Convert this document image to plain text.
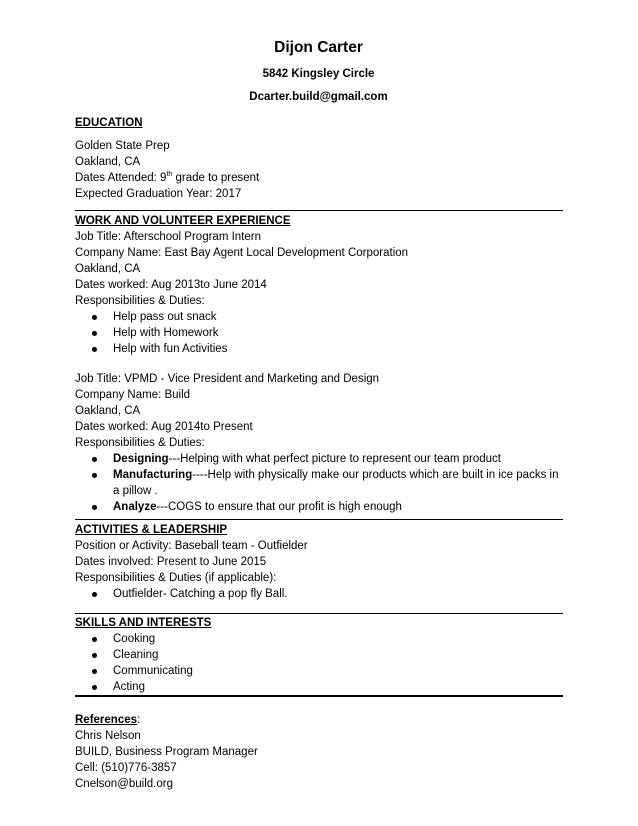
Dijon Carter
5842 Kingsley Circle
Dcarter.build@gmail.com
EDUCATION
Golden State Prep
Oakland, CA
Dates Attended: 9th grade to present
Expected Graduation Year: 2017
WORK AND VOLUNTEER EXPERIENCE
Job Title: Afterschool Program Intern
Company Name: East Bay Agent Local Development Corporation
Oakland, CA
Dates worked: Aug 2013to June 2014
Responsibilities & Duties:
Help pass out snack
Help with Homework
Help with fun Activities
Job Title: VPMD - Vice President and Marketing and Design
Company Name: Build
Oakland, CA
Dates worked: Aug 2014to Present
Responsibilities & Duties:
Designing---Helping with what perfect picture to represent our team product
Manufacturing----Help with physically make our products which are built in ice packs in
a pillow .
Analyze---COGS to ensure that our profit is high enough
ACTIVITIES & LEADERSHIP
Position or Activity: Baseball team - Outfielder
Dates involved: Present to June 2015
Responsibilities & Duties (if applicable):
Outfielder- Catching a pop fly Ball.
SKILLS AND INTERESTS
Cooking
Cleaning
Communicating
Acting
References:
Chris Nelson
BUILD, Business Program Manager
Cell: (510)776-3857
Cnelson@build.org
